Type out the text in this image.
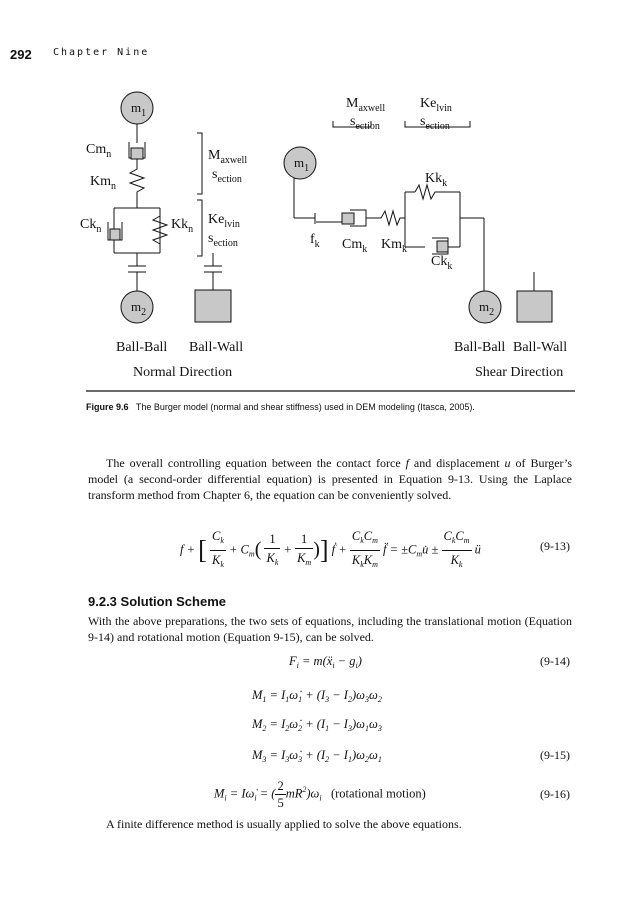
292 Chapter Nine
$m_1$
$Cm_n$
$Km_n$
$Ck_n$	$Kk_n$
$M_{axwell}$
$s_{ection}$
$Ke_{lvin}$
$s_{ection}$
$m_2$
Ball-Ball Ball-Wall
Normal Direction
$M_{axwell}$
$s_{ection}$
$Ke_{lvin}$
$s_{ection}$
$m_1$
$f_k$ $Cm_k$ $Km_k$
$Kk_k$
$Ck_k$
$m_2$
Ball-Ball Ball-Wall
Shear Direction
Figure 9.6 The Burger model (normal and shear stiffness) used in DEM modeling (Itasca, 2005).
The overall controlling equation between the contact force f and displacement u of Burger’s model (a second-order differential equation) is presented in Equation 9-13. Using the Laplace transform method from Chapter 6, the equation can be conveniently solved.
f + [ $\frac{C_k}{K_k} + C_m( \frac{1}{K_k} + \frac{1}{K_m}$ )] ḟ + $\frac{C_kC_m}{K_kK_m}$ f̈ = $\pm C_mu̇ \pm \frac{C_kC_m}{K_k}$ ü	(9-13)
9.2.3 Solution Scheme
With the above preparations, the two sets of equations, including the translational motion (Equation 9-14) and rotational motion (Equation 9-15), can be solved.
$F_i$ = m(ẍ$_i$ − $g_i$)	(9-14)
$M_1$ = $I_1\omegȧ_1 + (I_3 - I_2)\omega_3\omega_2$
$M_2$ = $I_2\omegȧ_2 + (I_1 - I_3)\omega_1\omega_3$
$M_3$ = $I_3\omegȧ_3 + (I_2 - I_1)\omega_2\omega_1$	(9-15)
$M_i$ = $I\omegȧ_i$ = ( $\frac{2}{5} mR^2)\omega_i$ (rotational motion)	(9-16)
A finite difference method is usually applied to solve the above equations.
